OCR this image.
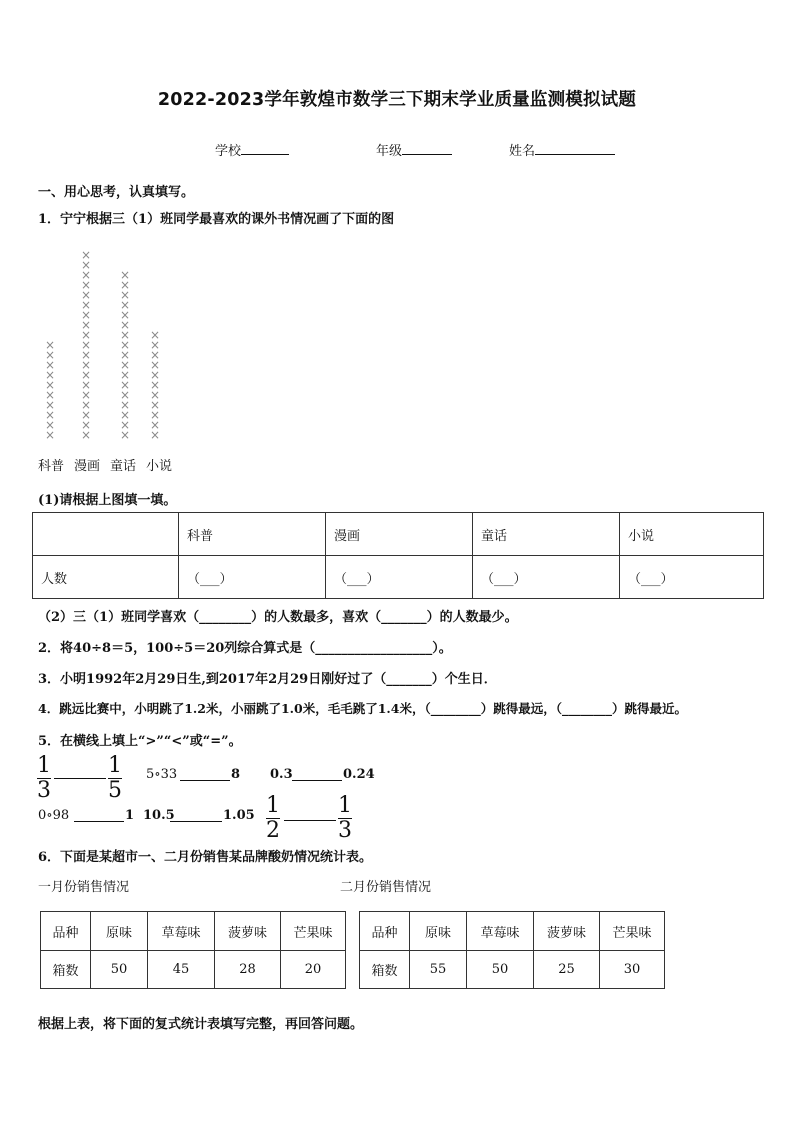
2022-2023学年敦煌市数学三下期末学业质量监测模拟试题
学校	年级	姓名
一、用心思考，认真填写。
1．宁宁根据三（1）班同学最喜欢的课外书情况画了下面的图
×
×
×
×
×
×
×
×
×
×
×
×
×
×
×
×
×
×
×
×
×
×
×
×
×
×
×
×
×
×
×
×
×
×
×
×
×
×
×
×
×
×
×
×
×
×
×
×
×
×
×
×
×
×
×
×
×
科普 漫画 童话 小说
(1)请根据上图填一填。
	科普	漫画	童话	小说
人数	（___）	（___）	（___）	（___）
（2）三（1）班同学喜欢（________）的人数最多，喜欢（_______）的人数最少。
2．将40÷8＝5，100÷5＝20列综合算式是（__________________）。
3．小明1992年2月29日生,到2017年2月29日刚好过了（_______）个生日．
4．跳远比赛中，小明跳了1.2米，小丽跳了1.0米，毛毛跳了1.4米，（________）跳得最远，（________）跳得最近。
5．在横线上填上“>”“<”或“=”。
1
3
1
5
5∘33	8 0.3	0.24
0∘98	1 10.5	1.05 1
2
1
3
6．下面是某超市一、二月份销售某品牌酸奶情况统计表。
一月份销售情况	二月份销售情况
品种	原味	草莓味	菠萝味	芒果味
箱数	50	45	28	20
品种	原味	草莓味	菠萝味	芒果味
箱数	55	50	25	30
根据上表，将下面的复式统计表填写完整，再回答问题。
